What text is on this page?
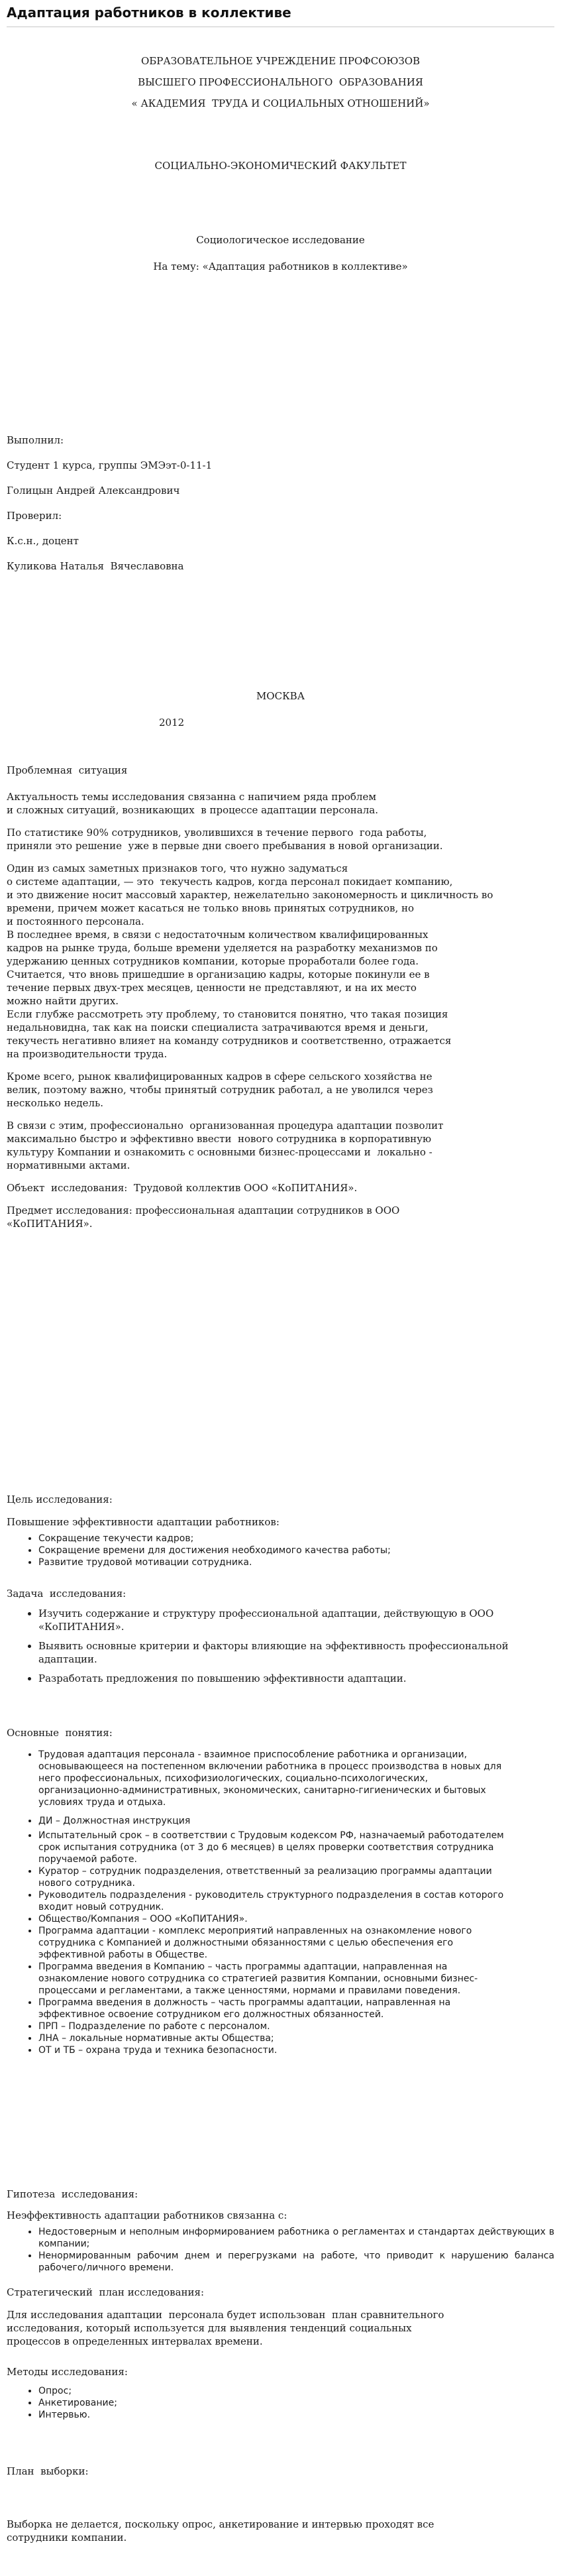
Адаптация работников в коллективе
ОБРАЗОВАТЕЛЬНОЕ УЧРЕЖДЕНИЕ ПРОФСОЮЗОВ
ВЫСШЕГО ПРОФЕССИОНАЛЬНОГО  ОБРАЗОВАНИЯ
« АКАДЕМИЯ  ТРУДА И СОЦИАЛЬНЫХ ОТНОШЕНИЙ»
СОЦИАЛЬНО-ЭКОНОМИЧЕСКИЙ ФАКУЛЬТЕТ
Социологическое исследование
На тему: «Адаптация работников в коллективе»
Выполнил:
Студент 1 курса, группы ЭМЭэт-0-11-1
Голицын Андрей Александрович
Проверил:
К.с.н., доцент
Куликова Наталья  Вячеславовна
МОСКВА
2012
Проблемная  ситуация
Актуальность темы исследования связанна с напичием ряда проблем
и сложных ситуаций, возникающих  в процессе адаптации персонала.
По статистике 90% сотрудников, уволившихся в течение первого  года работы,
приняли это решение  уже в первые дни своего пребывания в новой организации.
Один из самых заметных признаков того, что нужно задуматься
о системе адаптации, — это  текучесть кадров, когда персонал покидает компанию,
и это движение носит массовый характер, нежелательно закономерность и цикличность во
времени, причем может касаться не только вновь принятых сотрудников, но
и постоянного персонала.
В последнее время, в связи с недостаточным количеством квалифицированных
кадров на рынке труда, больше времени уделяется на разработку механизмов по
удержанию ценных сотрудников компании, которые проработали более года.
Считается, что вновь пришедшие в организацию кадры, которые покинули ее в
течение первых двух-трех месяцев, ценности не представляют, и на их место
можно найти других.
Если глубже рассмотреть эту проблему, то становится понятно, что такая позиция
недальновидна, так как на поиски специалиста затрачиваются время и деньги,
текучесть негативно влияет на команду сотрудников и соответственно, отражается
на производительности труда.
Кроме всего, рынок квалифицированных кадров в сфере сельского хозяйства не
велик, поэтому важно, чтобы принятый сотрудник работал, а не уволился через
несколько недель.
В связи с этим, профессионально  организованная процедура адаптации позволит
максимально быстро и эффективно ввести  нового сотрудника в корпоративную
культуру Компании и ознакомить с основными бизнес-процессами и  локально -
нормативными актами.
Объект  исследования:  Трудовой коллектив ООО «КоПИТАНИЯ».
Предмет исследования: профессиональная адаптации сотрудников в ООО
«КоПИТАНИЯ».
Цель исследования:
Повышение эффективности адаптации работников:
• Сокращение текучести кадров;
• Сокращение времени для достижения необходимого качества работы;
• Развитие трудовой мотивации сотрудника.
Задача  исследования:
• Изучить содержание и структуру профессиональной адаптации, действующую в ООО «КоПИТАНИЯ».
• Выявить основные критерии и факторы влияющие на эффективность профессиональной адаптации.
• Разработать предложения по повышению эффективности адаптации.
Основные  понятия:
• Трудовая адаптация персонала - взаимное приспособление работника и организации, основывающееся на постепенном включении работника в процесс производства в новых для него профессиональных, психофизиологических, социально-психологических, организационно-административных, экономических, санитарно-гигиенических и бытовых условиях труда и отдыха.
• ДИ – Должностная инструкция
• Испытательный срок – в соответствии с Трудовым кодексом РФ, назначаемый работодателем срок испытания сотрудника (от 3 до 6 месяцев) в целях проверки соответствия сотрудника поручаемой работе.
• Куратор – сотрудник подразделения, ответственный за реализацию программы адаптации нового сотрудника.
• Руководитель подразделения - руководитель структурного подразделения в состав которого входит новый сотрудник.
• Общество/Компания – ООО «КоПИТАНИЯ».
• Программа адаптации - комплекс мероприятий направленных на ознакомление нового сотрудника с Компанией и должностными обязанностями с целью обеспечения его эффективной работы в Обществе.
• Программа введения в Компанию – часть программы адаптации, направленная на ознакомление нового сотрудника со стратегией развития Компании, основными бизнес-процессами и регламентами, а также ценностями, нормами и правилами поведения.
• Программа введения в должность – часть программы адаптации, направленная на эффективное освоение сотрудником его должностных обязанностей.
• ПРП – Подразделение по работе с персоналом.
• ЛНА – локальные нормативные акты Общества;
• ОТ и ТБ – охрана труда и техника безопасности.
Гипотеза  исследования:
Неэффективность адаптации работников связанна с:
• Недостоверным и неполным информированием работника о регламентах и стандартах действующих в компании;
• Ненормированным рабочим днем и перегрузками на работе, что приводит к нарушению баланса рабочего/личного времени.
Стратегический  план исследования:
Для исследования адаптации  персонала будет использован  план сравнительного
исследования, который используется для выявления тенденций социальных
процессов в определенных интервалах времени.
Методы исследования:
• Опрос;
• Анкетирование;
• Интервью.
План  выборки:
Выборка не делается, поскольку опрос, анкетирование и интервью проходят все
сотрудники компании.
